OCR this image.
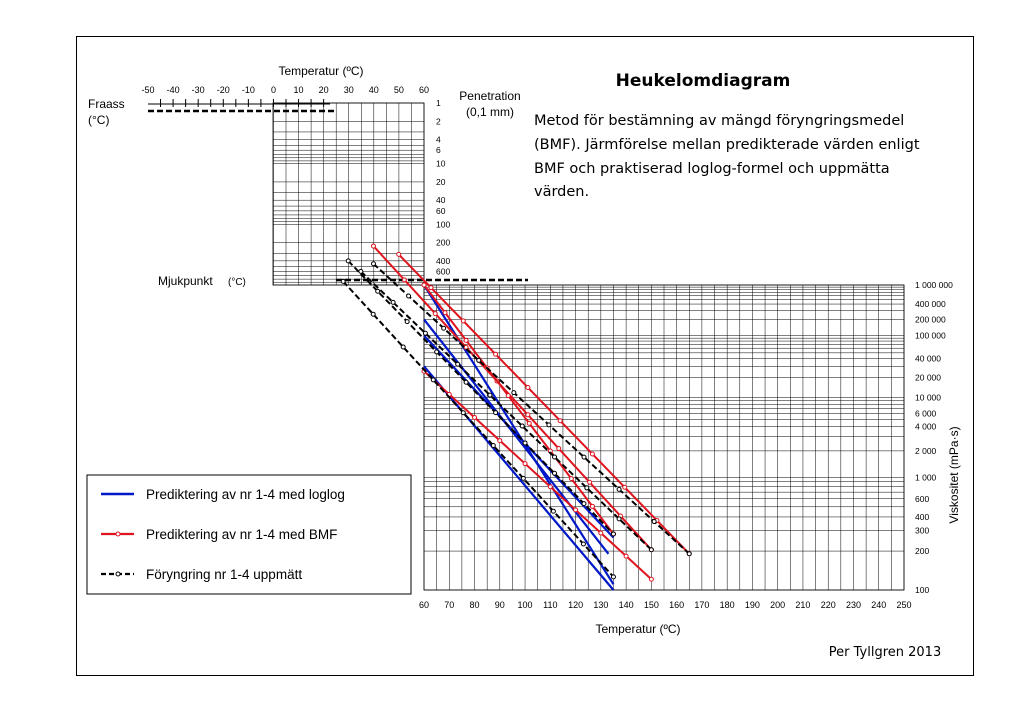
-50 -40 -30 -20 -10 0 10 20 30 40 50 60
60 70 80 90 100 110 120 130 140 150 160 170 180 190 200 210 220 230 240 250
1
2
4
6
10
20
40
60
100
200
400
600
1 000 000
400 000
200 000
100 000
40 000
20 000
10 000
6 000
4 000
2 000
1 000
600
400
300
200
100
Temperatur (ºC)	Heukelomdiagram
Metod för bestämning av mängd föryngringsmedel
(BMF). Järmförelse mellan predikterade värden enligt
BMF och praktiserad loglog-formel och uppmätta
värden.
Fraass
(°C)
Penetration
(0,1 mm)
Mjukpunkt (°C)
Temperatur (ºC)
Viskositet (mPa·s)
Per Tyllgren 2013
Prediktering av nr 1-4 med loglog
Prediktering av nr 1-4 med BMF
Föryngring nr 1-4 uppmätt
